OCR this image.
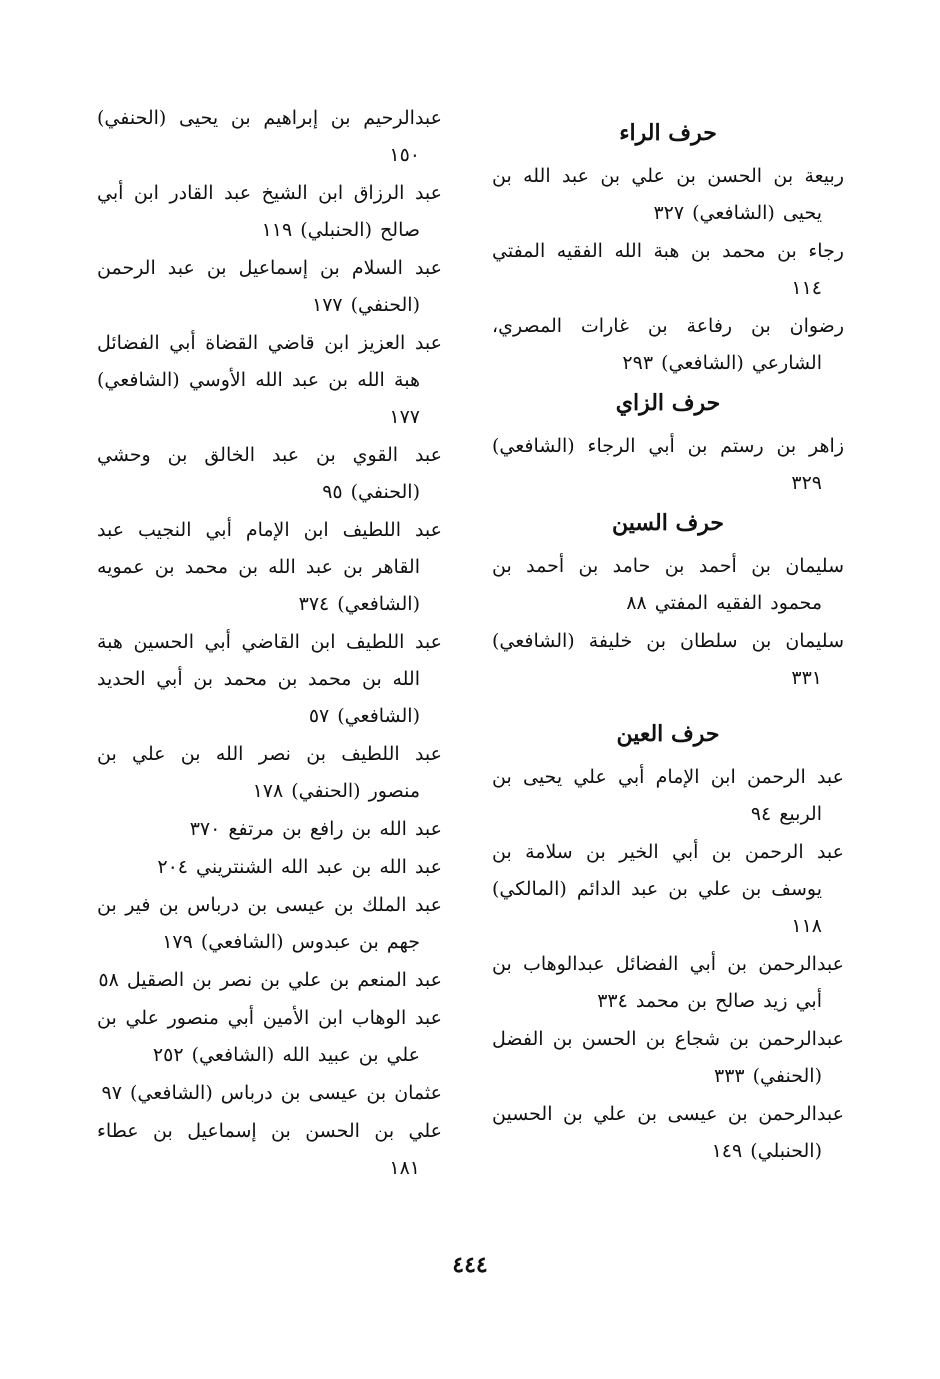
حرف الراء

ربيعة بن الحسن بن علي بن عبد الله بن يحيى (الشافعي) ٣٢٧

رجاء بن محمد بن هبة الله الفقيه المفتي ١١٤

رضوان بن رفاعة بن غارات المصري، الشارعي (الشافعي) ٢٩٣

حرف الزاي

زاهر بن رستم بن أبي الرجاء (الشافعي) ٣٢٩

حرف السين

سليمان بن أحمد بن حامد بن أحمد بن محمود الفقيه المفتي ٨٨

سليمان بن سلطان بن خليفة (الشافعي) ٣٣١

حرف العين

عبد الرحمن ابن الإمام أبي علي يحيى بن الربيع ٩٤

عبد الرحمن بن أبي الخير بن سلامة بن يوسف بن علي بن عبد الدائم (المالكي) ١١٨

عبدالرحمن بن أبي الفضائل عبدالوهاب بن أبي زيد صالح بن محمد ٣٣٤

عبدالرحمن بن شجاع بن الحسن بن الفضل (الحنفي) ٣٣٣

عبدالرحمن بن عيسى بن علي بن الحسين (الحنبلي) ١٤٩

عبدالرحيم بن إبراهيم بن يحيى (الحنفي) ١٥٠

عبد الرزاق ابن الشيخ عبد القادر ابن أبي صالح (الحنبلي) ١١٩

عبد السلام بن إسماعيل بن عبد الرحمن (الحنفي) ١٧٧

عبد العزيز ابن قاضي القضاة أبي الفضائل هبة الله بن عبد الله الأوسي (الشافعي) ١٧٧

عبد القوي بن عبد الخالق بن وحشي (الحنفي) ٩٥

عبد اللطيف ابن الإمام أبي النجيب عبد القاهر بن عبد الله بن محمد بن عمويه (الشافعي) ٣٧٤

عبد اللطيف ابن القاضي أبي الحسين هبة الله بن محمد بن محمد بن أبي الحديد (الشافعي) ٥٧

عبد اللطيف بن نصر الله بن علي بن منصور (الحنفي) ١٧٨

عبد الله بن رافع بن مرتفع ٣٧٠

عبد الله بن عبد الله الشنتريني ٢٠٤

عبد الملك بن عيسى بن درباس بن فير بن جهم بن عبدوس (الشافعي) ١٧٩

عبد المنعم بن علي بن نصر بن الصقيل ٥٨

عبد الوهاب ابن الأمين أبي منصور علي بن علي بن عبيد الله (الشافعي) ٢٥٢

عثمان بن عيسى بن درباس (الشافعي) ٩٧

علي بن الحسن بن إسماعيل بن عطاء ١٨١

٤٤٤
